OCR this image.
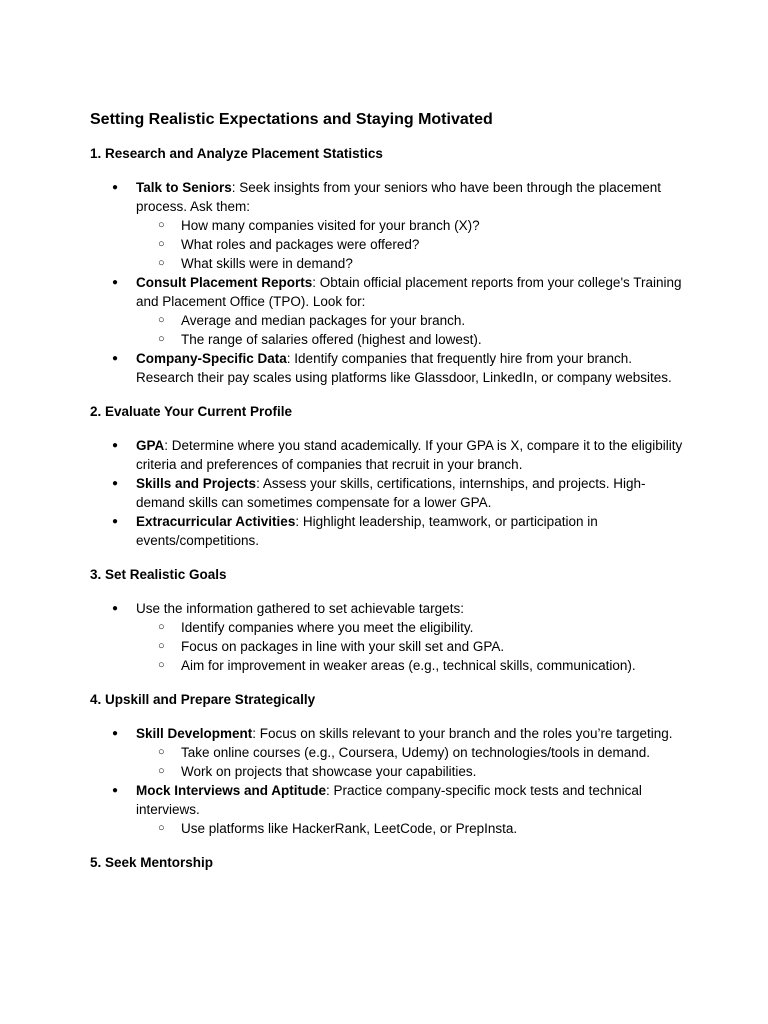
Setting Realistic Expectations and Staying Motivated
1. Research and Analyze Placement Statistics
● Talk to Seniors: Seek insights from your seniors who have been through the placement process. Ask them:
○ How many companies visited for your branch (X)?
○ What roles and packages were offered?
○ What skills were in demand?
● Consult Placement Reports: Obtain official placement reports from your college's Training and Placement Office (TPO). Look for:
○ Average and median packages for your branch.
○ The range of salaries offered (highest and lowest).
● Company-Specific Data: Identify companies that frequently hire from your branch. Research their pay scales using platforms like Glassdoor, LinkedIn, or company websites.
2. Evaluate Your Current Profile
● GPA: Determine where you stand academically. If your GPA is X, compare it to the eligibility criteria and preferences of companies that recruit in your branch.
● Skills and Projects: Assess your skills, certifications, internships, and projects. High-demand skills can sometimes compensate for a lower GPA.
● Extracurricular Activities: Highlight leadership, teamwork, or participation in events/competitions.
3. Set Realistic Goals
● Use the information gathered to set achievable targets:
○ Identify companies where you meet the eligibility.
○ Focus on packages in line with your skill set and GPA.
○ Aim for improvement in weaker areas (e.g., technical skills, communication).
4. Upskill and Prepare Strategically
● Skill Development: Focus on skills relevant to your branch and the roles you’re targeting.
○ Take online courses (e.g., Coursera, Udemy) on technologies/tools in demand.
○ Work on projects that showcase your capabilities.
● Mock Interviews and Aptitude: Practice company-specific mock tests and technical interviews.
○ Use platforms like HackerRank, LeetCode, or PrepInsta.
5. Seek Mentorship
